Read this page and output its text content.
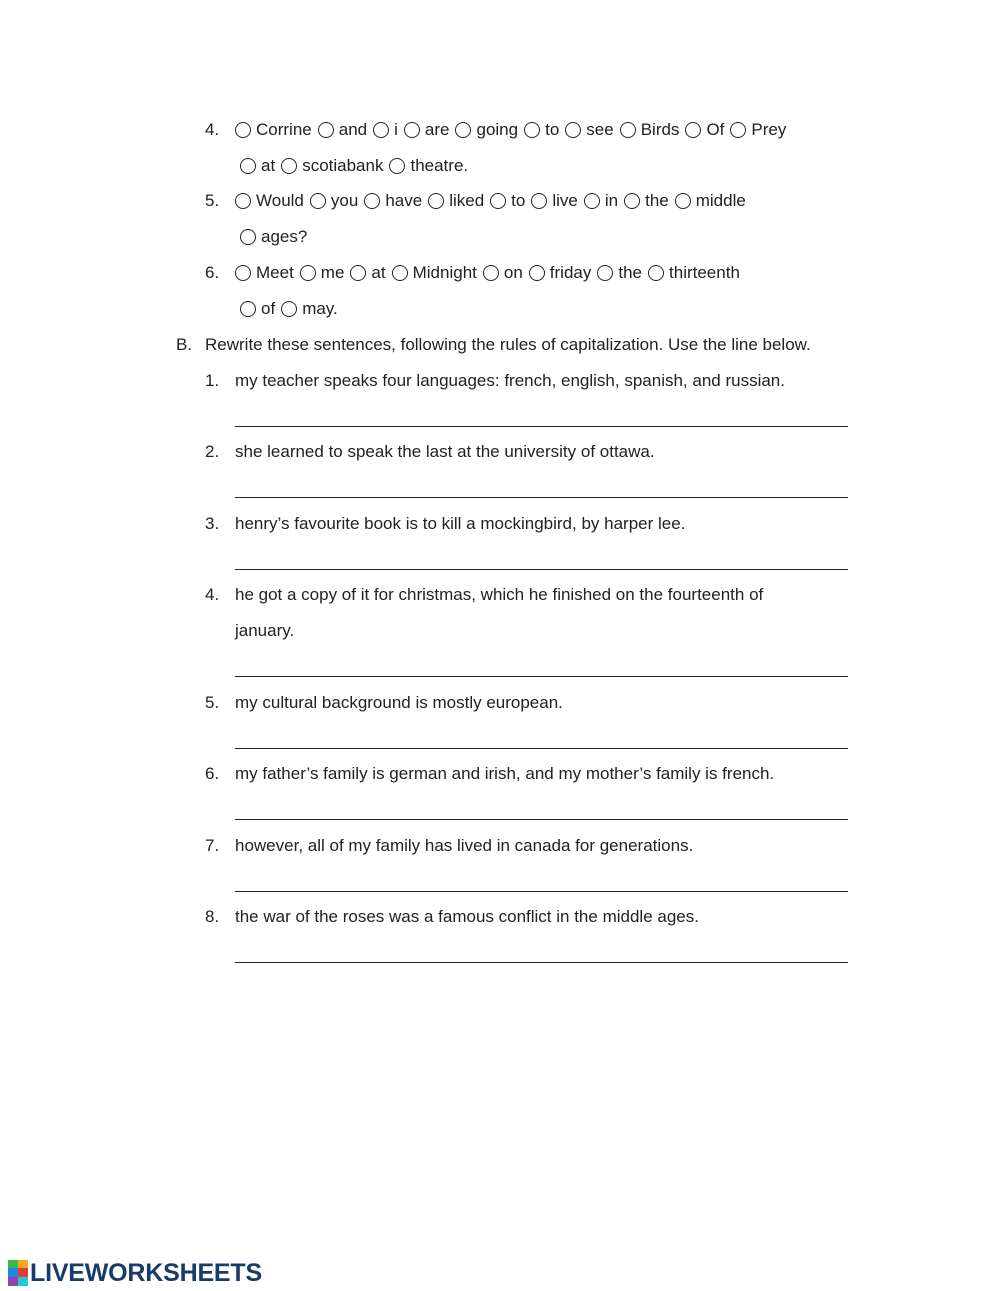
4. Corrine and i are going to see Birds Of Prey
at scotiabank theatre.
5. Would you have liked to live in the middle
ages?
6. Meet me at Midnight on friday the thirteenth
of may.
B. Rewrite these sentences, following the rules of capitalization. Use the line below.
1. my teacher speaks four languages: french, english, spanish, and russian.
2. she learned to speak the last at the university of ottawa.
3. henry’s favourite book is to kill a mockingbird, by harper lee.
4. he got a copy of it for christmas, which he finished on the fourteenth of
january.
5. my cultural background is mostly european.
6. my father’s family is german and irish, and my mother’s family is french.
7. however, all of my family has lived in canada for generations.
8. the war of the roses was a famous conflict in the middle ages.
LIVEWORKSHEETS
